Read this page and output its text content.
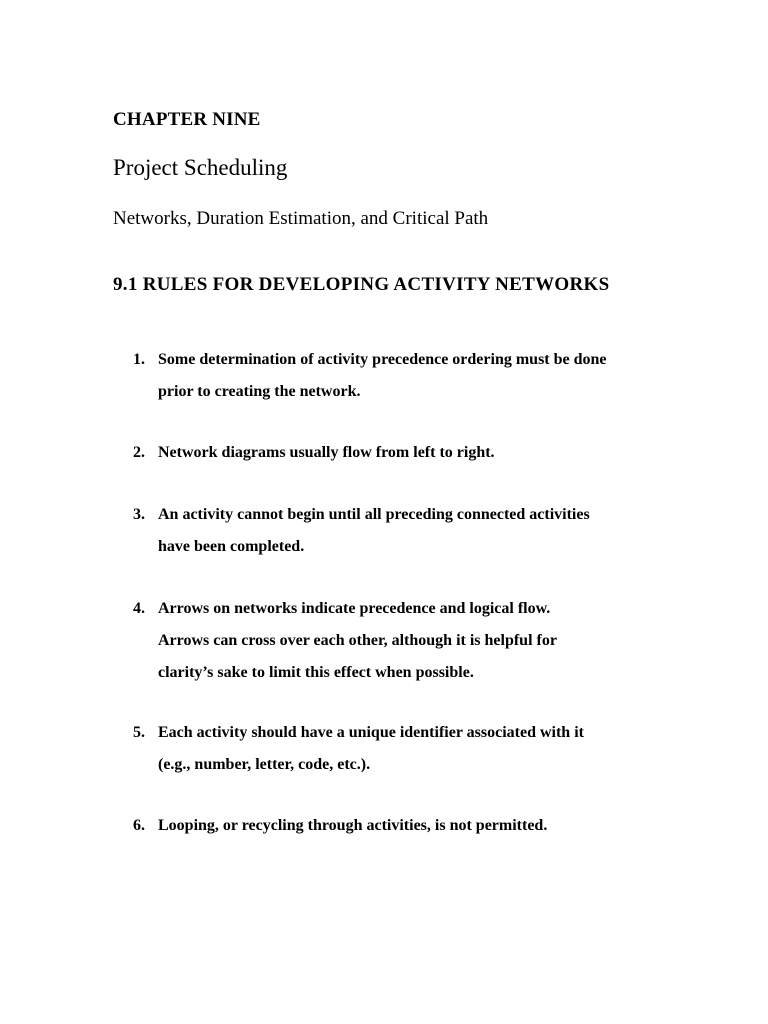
CHAPTER NINE
Project Scheduling
Networks, Duration Estimation, and Critical Path
9.1 RULES FOR DEVELOPING ACTIVITY NETWORKS
1. Some determination of activity precedence ordering must be done
prior to creating the network.
2. Network diagrams usually flow from left to right.
3. An activity cannot begin until all preceding connected activities
have been completed.
4. Arrows on networks indicate precedence and logical flow.
Arrows can cross over each other, although it is helpful for
clarity’s sake to limit this effect when possible.
5. Each activity should have a unique identifier associated with it
(e.g., number, letter, code, etc.).
6. Looping, or recycling through activities, is not permitted.
